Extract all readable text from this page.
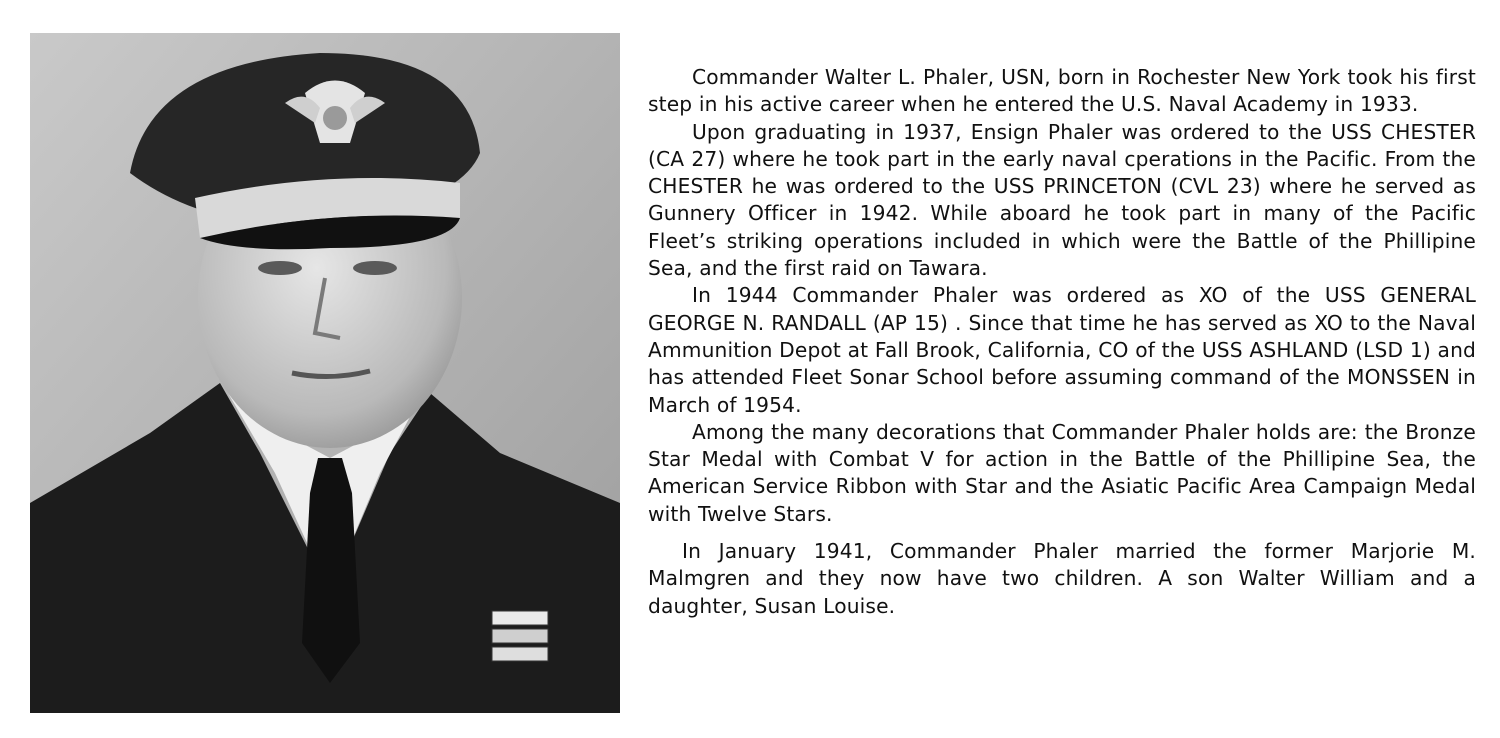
Commander Walter L. Phaler, USN, born in Rochester New York took his first step in his active career when he entered the U.S. Naval Academy in 1933.

Upon graduating in 1937, Ensign Phaler was ordered to the USS CHESTER (CA 27) where he took part in the early naval cperations in the Pacific. From the CHESTER he was ordered to the USS PRINCETON (CVL 23) where he served as Gunnery Officer in 1942. While aboard he took part in many of the Pacific Fleet’s striking operations included in which were the Battle of the Phillipine Sea, and the first raid on Tawara.

In 1944 Commander Phaler was ordered as XO of the USS GENERAL GEORGE N. RANDALL (AP 15) . Since that time he has served as XO to the Naval Ammunition Depot at Fall Brook, California, CO of the USS ASHLAND (LSD 1) and has attended Fleet Sonar School before assuming command of the MONSSEN in March of 1954.

Among the many decorations that Commander Phaler holds are: the Bronze Star Medal with Combat V for action in the Battle of the Phillipine Sea, the American Service Ribbon with Star and the Asiatic Pacific Area Campaign Medal with Twelve Stars.

In January 1941, Commander Phaler married the former Marjorie M. Malmgren and they now have two children. A son Walter William and a daughter, Susan Louise.
